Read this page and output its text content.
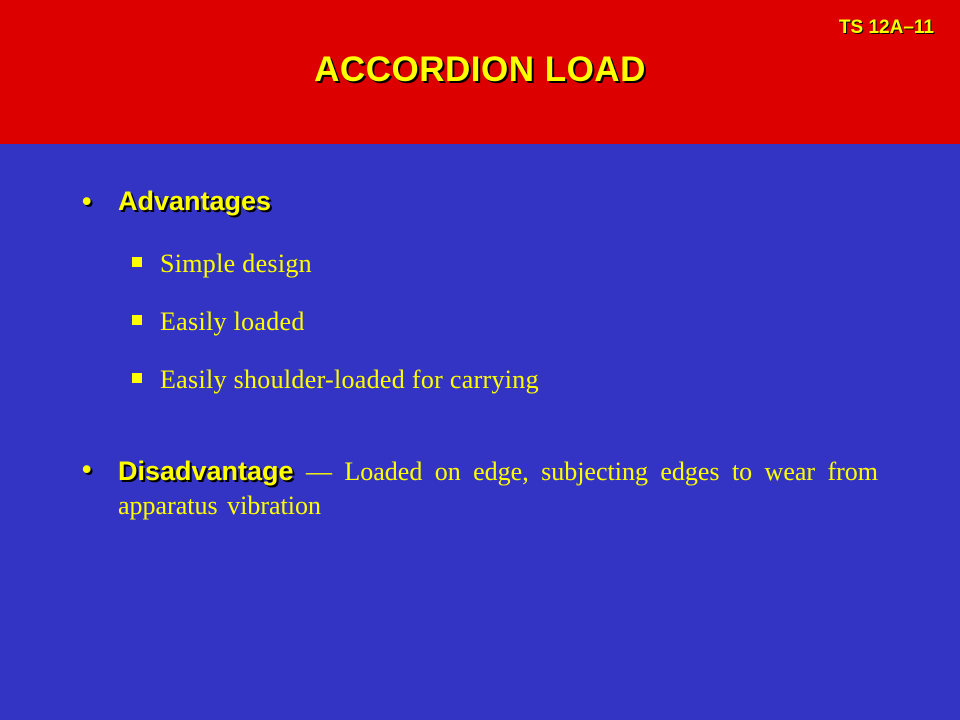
TS 12A–11
ACCORDION LOAD
• Advantages
Simple design
Easily loaded
Easily shoulder-loaded for carrying
• Disadvantage — Loaded on edge, subjecting edges to wear from apparatus vibration
